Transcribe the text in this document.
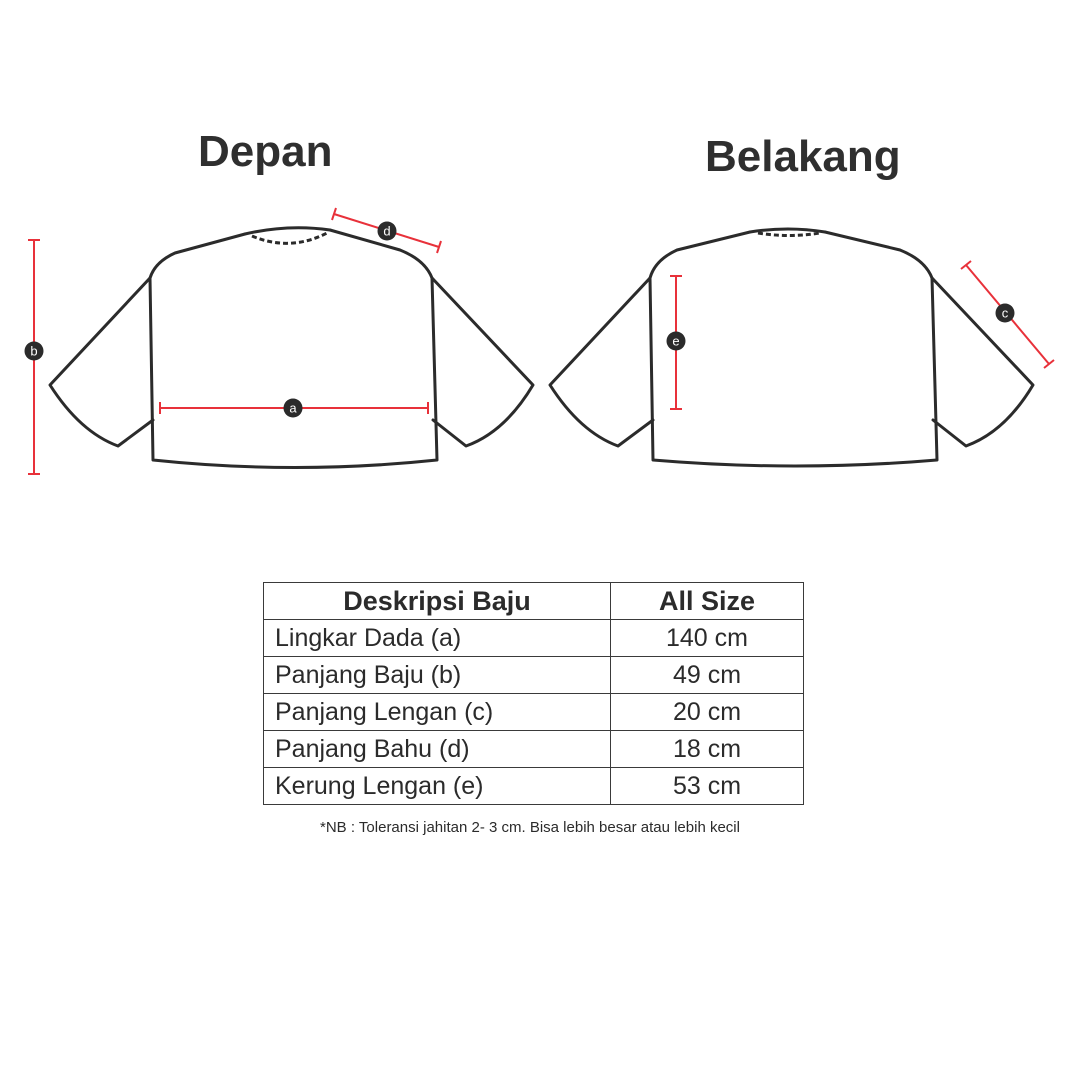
a
b
d
c
e
Depan	Belakang
Deskripsi Baju	All Size
Lingkar Dada (a)	140 cm
Panjang Baju (b)	49 cm
Panjang Lengan (c)	20 cm
Panjang Bahu (d)	18 cm
Kerung Lengan (e)	53 cm
*NB : Toleransi jahitan 2- 3 cm. Bisa lebih besar atau lebih kecil
